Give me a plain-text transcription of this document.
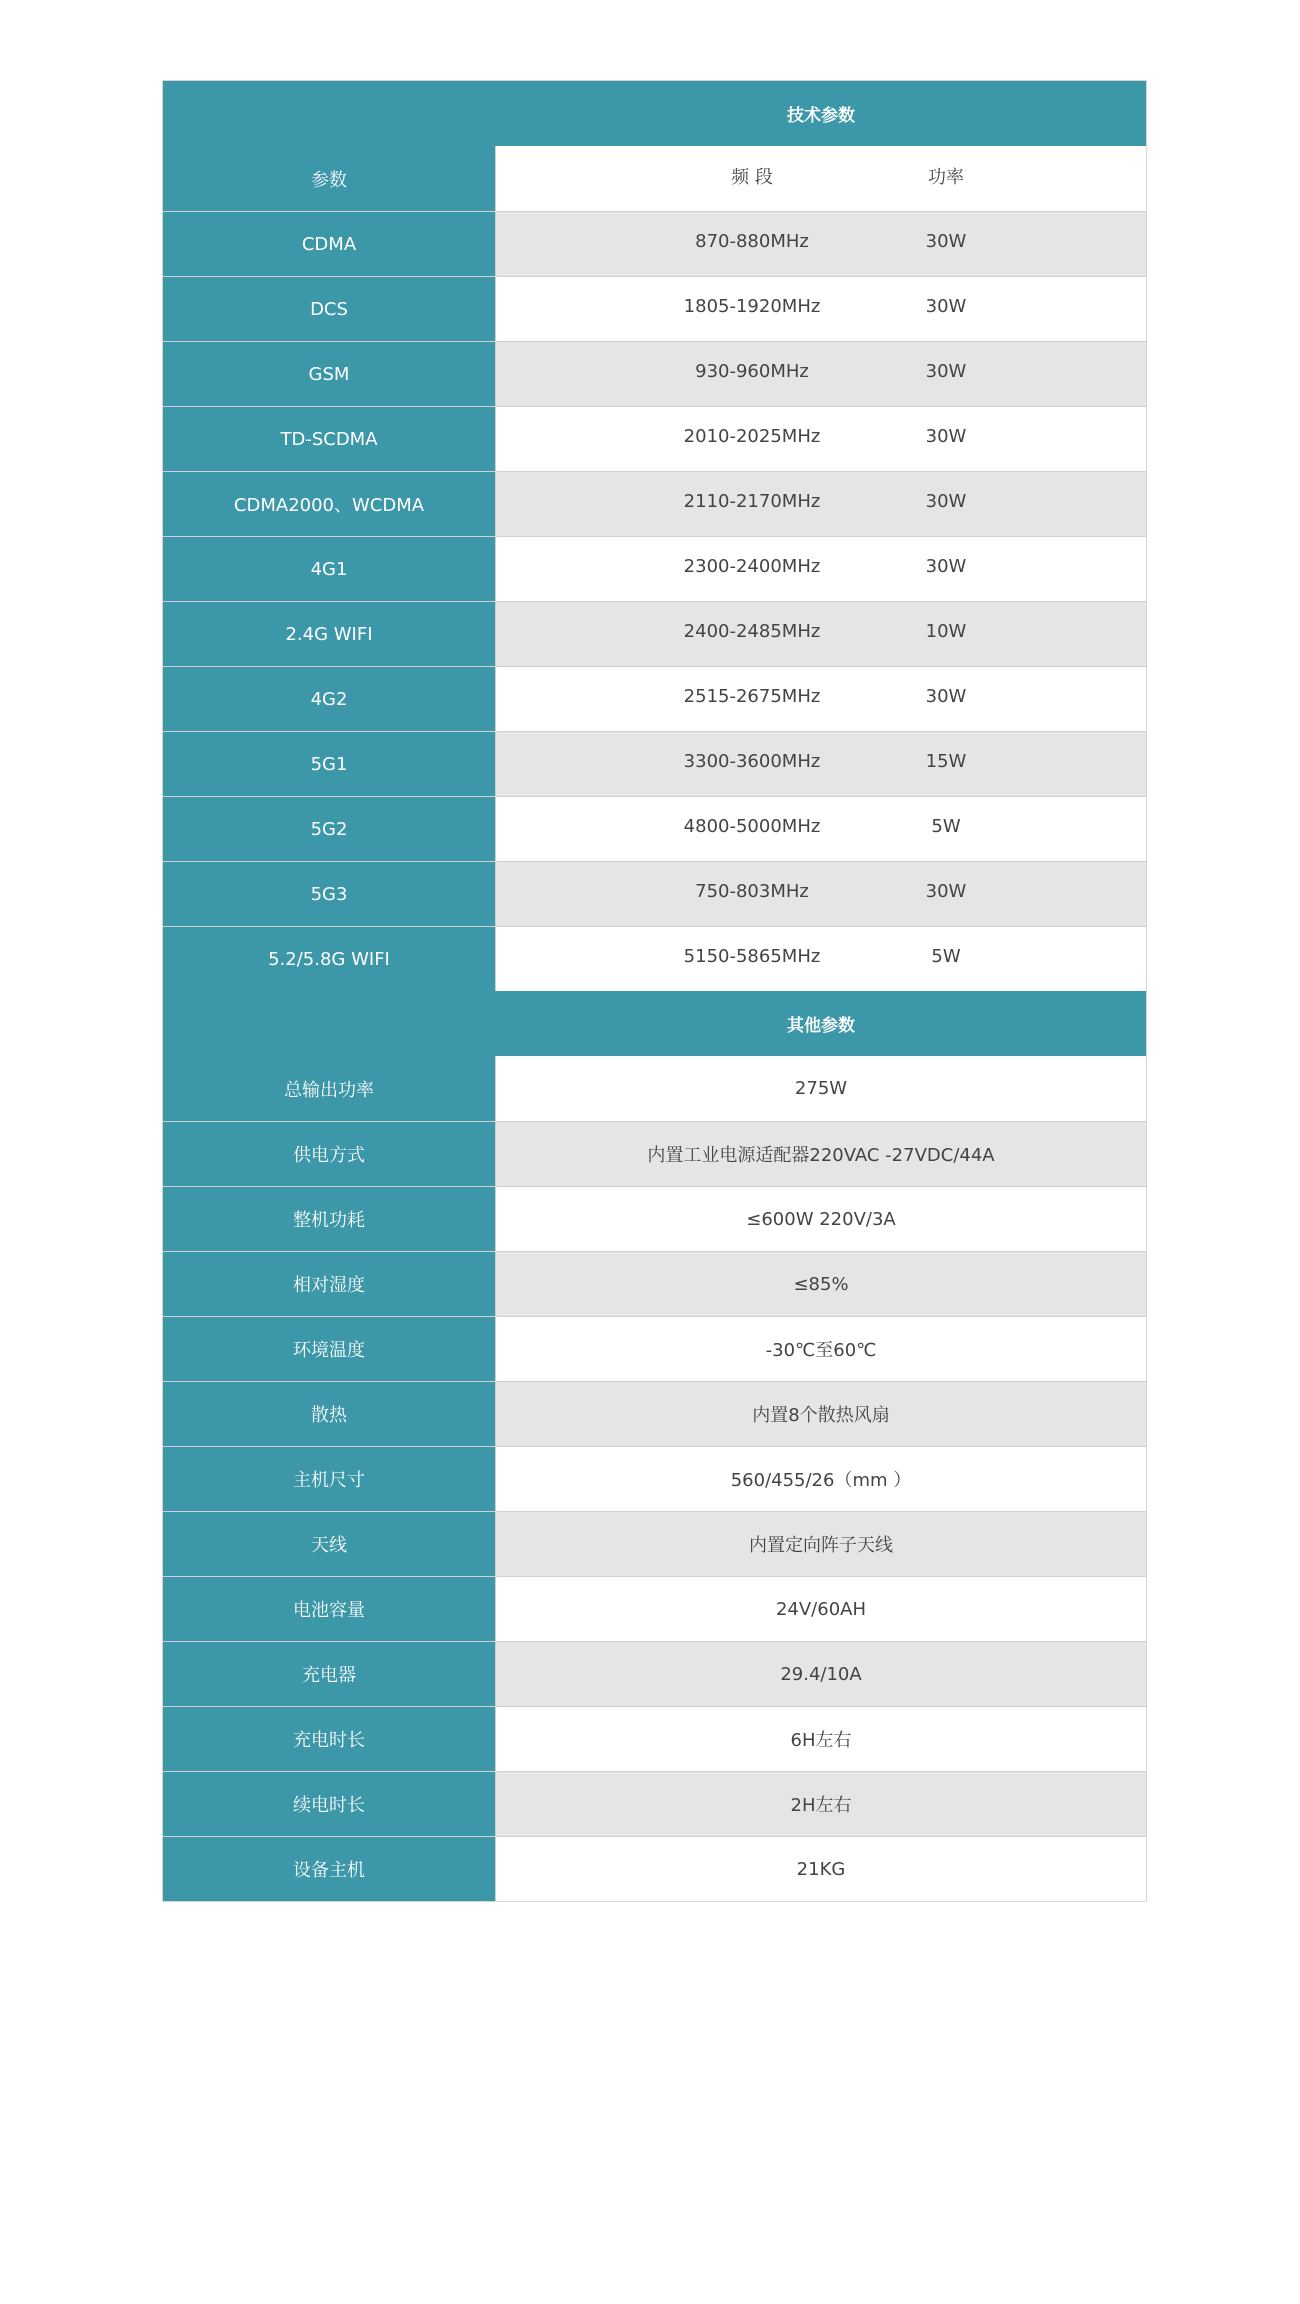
技术参数
参数	频 段	功率
CDMA	870-880MHz	30W
DCS	1805-1920MHz	30W
GSM	930-960MHz	30W
TD-SCDMA	2010-2025MHz	30W
CDMA2000、WCDMA	2110-2170MHz	30W
4G1	2300-2400MHz	30W
2.4G WIFI	2400-2485MHz	10W
4G2	2515-2675MHz	30W
5G1	3300-3600MHz	15W
5G2	4800-5000MHz	5W
5G3	750-803MHz	30W
5.2/5.8G WIFI	5150-5865MHz	5W
其他参数
总输出功率	275W
供电方式	内置工业电源适配器220VAC -27VDC/44A
整机功耗	≤600W 220V/3A
相对湿度	≤85%
环境温度	-30℃至60℃
散热	内置8个散热风扇
主机尺寸	560/455/26（mm ）
天线	内置定向阵子天线
电池容量	24V/60AH
充电器	29.4/10A
充电时长	6H左右
续电时长	2H左右
设备主机	21KG
